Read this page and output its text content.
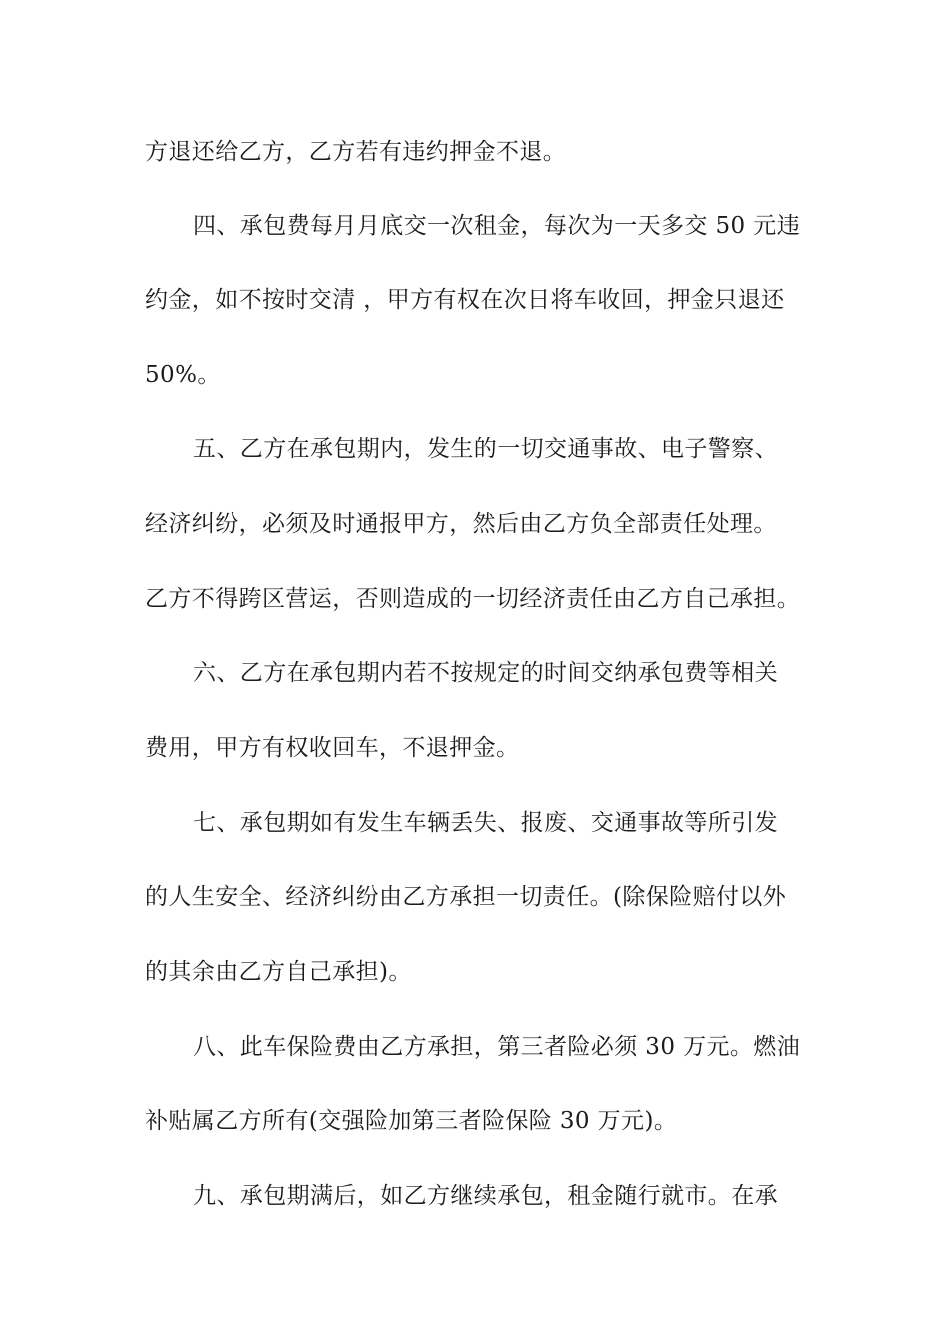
方退还给乙方，乙方若有违约押金不退。
四、承包费每月月底交一次租金，每次为一天多交 50 元违
约金，如不按时交清 ，甲方有权在次日将车收回，押金只退还
50%。
五、乙方在承包期内，发生的一切交通事故、电子警察、
经济纠纷，必须及时通报甲方，然后由乙方负全部责任处理。
乙方不得跨区营运，否则造成的一切经济责任由乙方自己承担。
六、乙方在承包期内若不按规定的时间交纳承包费等相关
费用，甲方有权收回车，不退押金。
七、承包期如有发生车辆丢失、报废、交通事故等所引发
的人生安全、经济纠纷由乙方承担一切责任。(除保险赔付以外
的其余由乙方自己承担)。
八、此车保险费由乙方承担，第三者险必须 30 万元。燃油
补贴属乙方所有(交强险加第三者险保险 30 万元)。
九、承包期满后，如乙方继续承包，租金随行就市。在承
